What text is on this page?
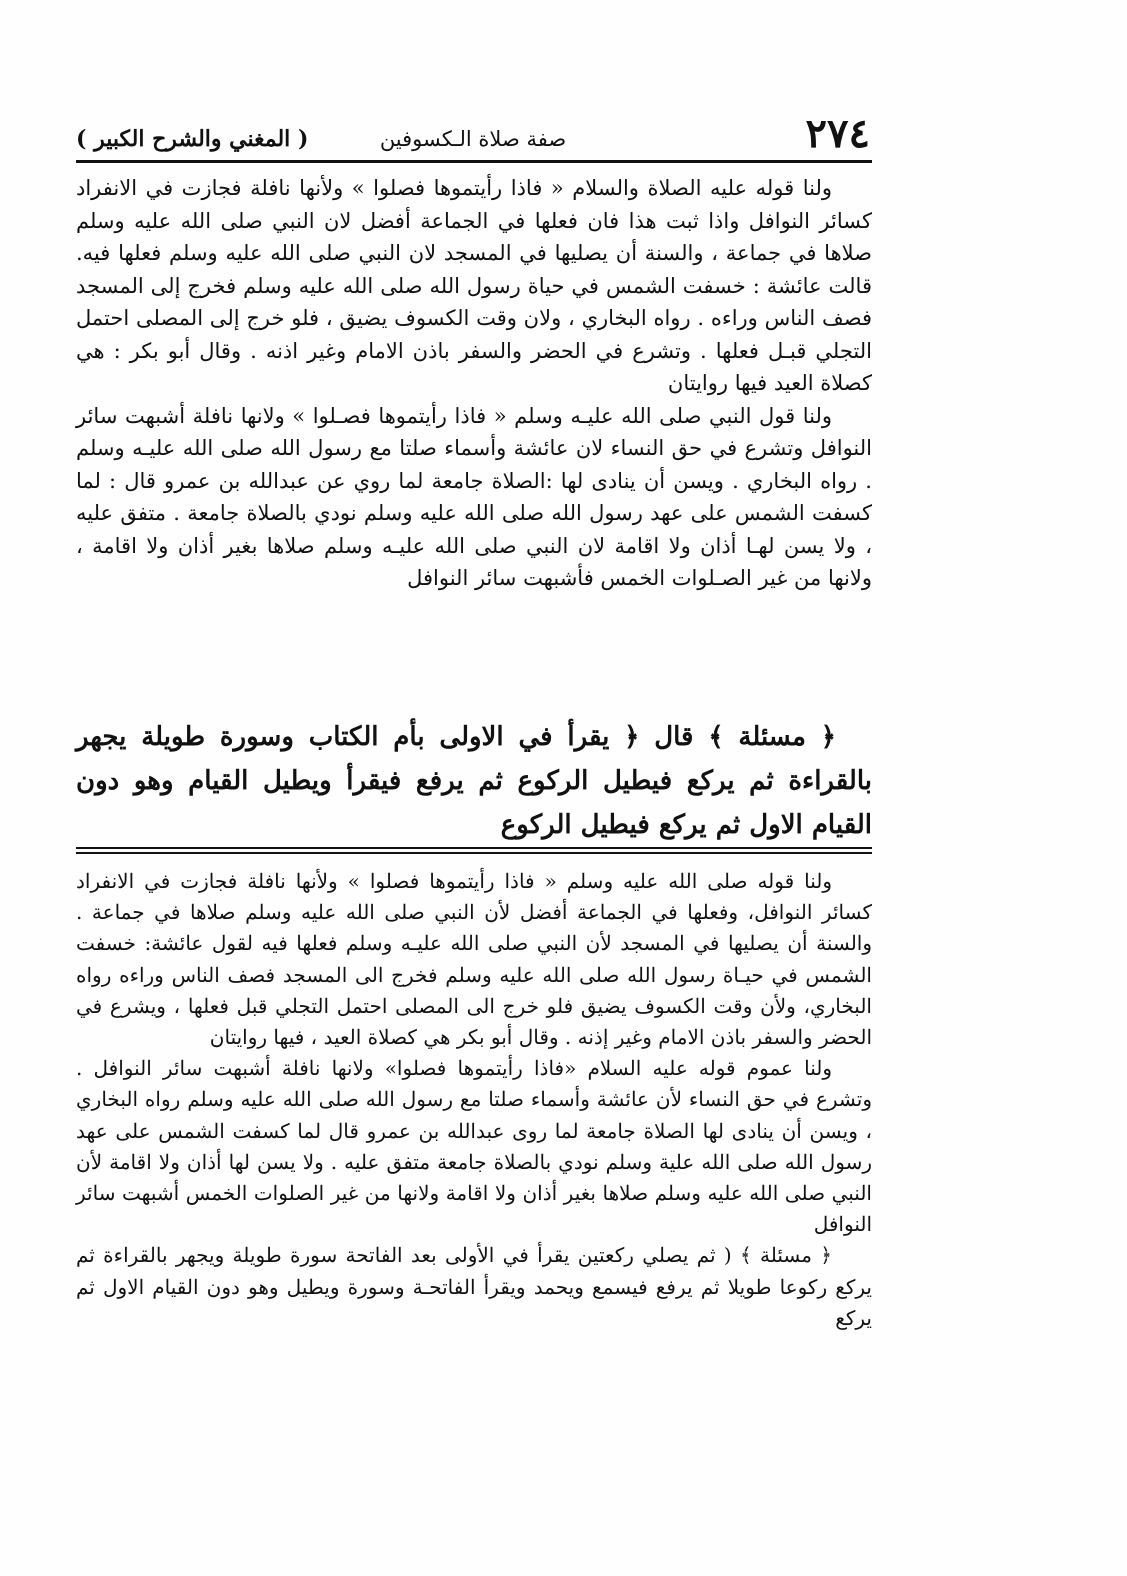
٢٧٤
صفة صلاة الـكسوفين
( المغني والشرح الكبير )

ولنا قوله عليه الصلاة والسلام « فاذا رأيتموها فصلوا » ولأنها نافلة فجازت في الانفراد كسائر النوافل واذا ثبت هذا فان فعلها في الجماعة أفضل لان النبي صلى الله عليه وسلم صلاها في جماعة ، والسنة أن يصليها في المسجد لان النبي صلى الله عليه وسلم فعلها فيه. قالت عائشة : خسفت الشمس في حياة رسول الله صلى الله عليه وسلم فخرج إلى المسجد فصف الناس وراءه . رواه البخاري ، ولان وقت الكسوف يضيق ، فلو خرج إلى المصلى احتمل التجلي قبـل فعلها . وتشرع في الحضر والسفر باذن الامام وغير اذنه . وقال أبو بكر : هي كصلاة العيد فيها روايتان

ولنا قول النبي صلى الله عليـه وسلم « فاذا رأيتموها فصـلوا » ولانها نافلة أشبهت سائر النوافل وتشرع في حق النساء لان عائشة وأسماء صلتا مع رسول الله صلى الله عليـه وسلم . رواه البخاري . ويسن أن ينادى لها :الصلاة جامعة لما روي عن عبدالله بن عمرو قال : لما كسفت الشمس على عهد رسول الله صلى الله عليه وسلم نودي بالصلاة جامعة . متفق عليه ، ولا يسن لهـا أذان ولا اقامة لان النبي صلى الله عليـه وسلم صلاها بغير أذان ولا اقامة ، ولانها من غير الصـلوات الخمس فأشبهت سائر النوافل

﴿ مسئلة ﴾ قال ﴿ يقرأ في الاولى بأم الكتاب وسورة طويلة يجهر بالقراءة ثم يركع فيطيل الركوع ثم يرفع فيقرأ ويطيل القيام وهو دون القيام الاول ثم يركع فيطيل الركوع

ولنا قوله صلى الله عليه وسلم « فاذا رأيتموها فصلوا » ولأنها نافلة فجازت في الانفراد كسائر النوافل، وفعلها في الجماعة أفضل لأن النبي صلى الله عليه وسلم صلاها في جماعة . والسنة أن يصليها في المسجد لأن النبي صلى الله عليـه وسلم فعلها فيه لقول عائشة: خسفت الشمس في حيـاة رسول الله صلى الله عليه وسلم فخرج الى المسجد فصف الناس وراءه رواه البخاري، ولأن وقت الكسوف يضيق فلو خرج الى المصلى احتمل التجلي قبل فعلها ، ويشرع في الحضر والسفر باذن الامام وغير إذنه . وقال أبو بكر هي كصلاة العيد ، فيها روايتان

ولنا عموم قوله عليه السلام «فاذا رأيتموها فصلوا» ولانها نافلة أشبهت سائر النوافل . وتشرع في حق النساء لأن عائشة وأسماء صلتا مع رسول الله صلى الله عليه وسلم رواه البخاري ، ويسن أن ينادى لها الصلاة جامعة لما روى عبدالله بن عمرو قال لما كسفت الشمس على عهد رسول الله صلى الله علية وسلم نودي بالصلاة جامعة متفق عليه . ولا يسن لها أذان ولا اقامة لأن النبي صلى الله عليه وسلم صلاها بغير أذان ولا اقامة ولانها من غير الصلوات الخمس أشبهت سائر النوافل

﴿ مسئلة ﴾ ( ثم يصلي ركعتين يقرأ في الأولى بعد الفاتحة سورة طويلة ويجهر بالقراءة ثم يركع ركوعا طويلا ثم يرفع فيسمع ويحمد ويقرأ الفاتحـة وسورة ويطيل وهو دون القيام الاول ثم يركع
